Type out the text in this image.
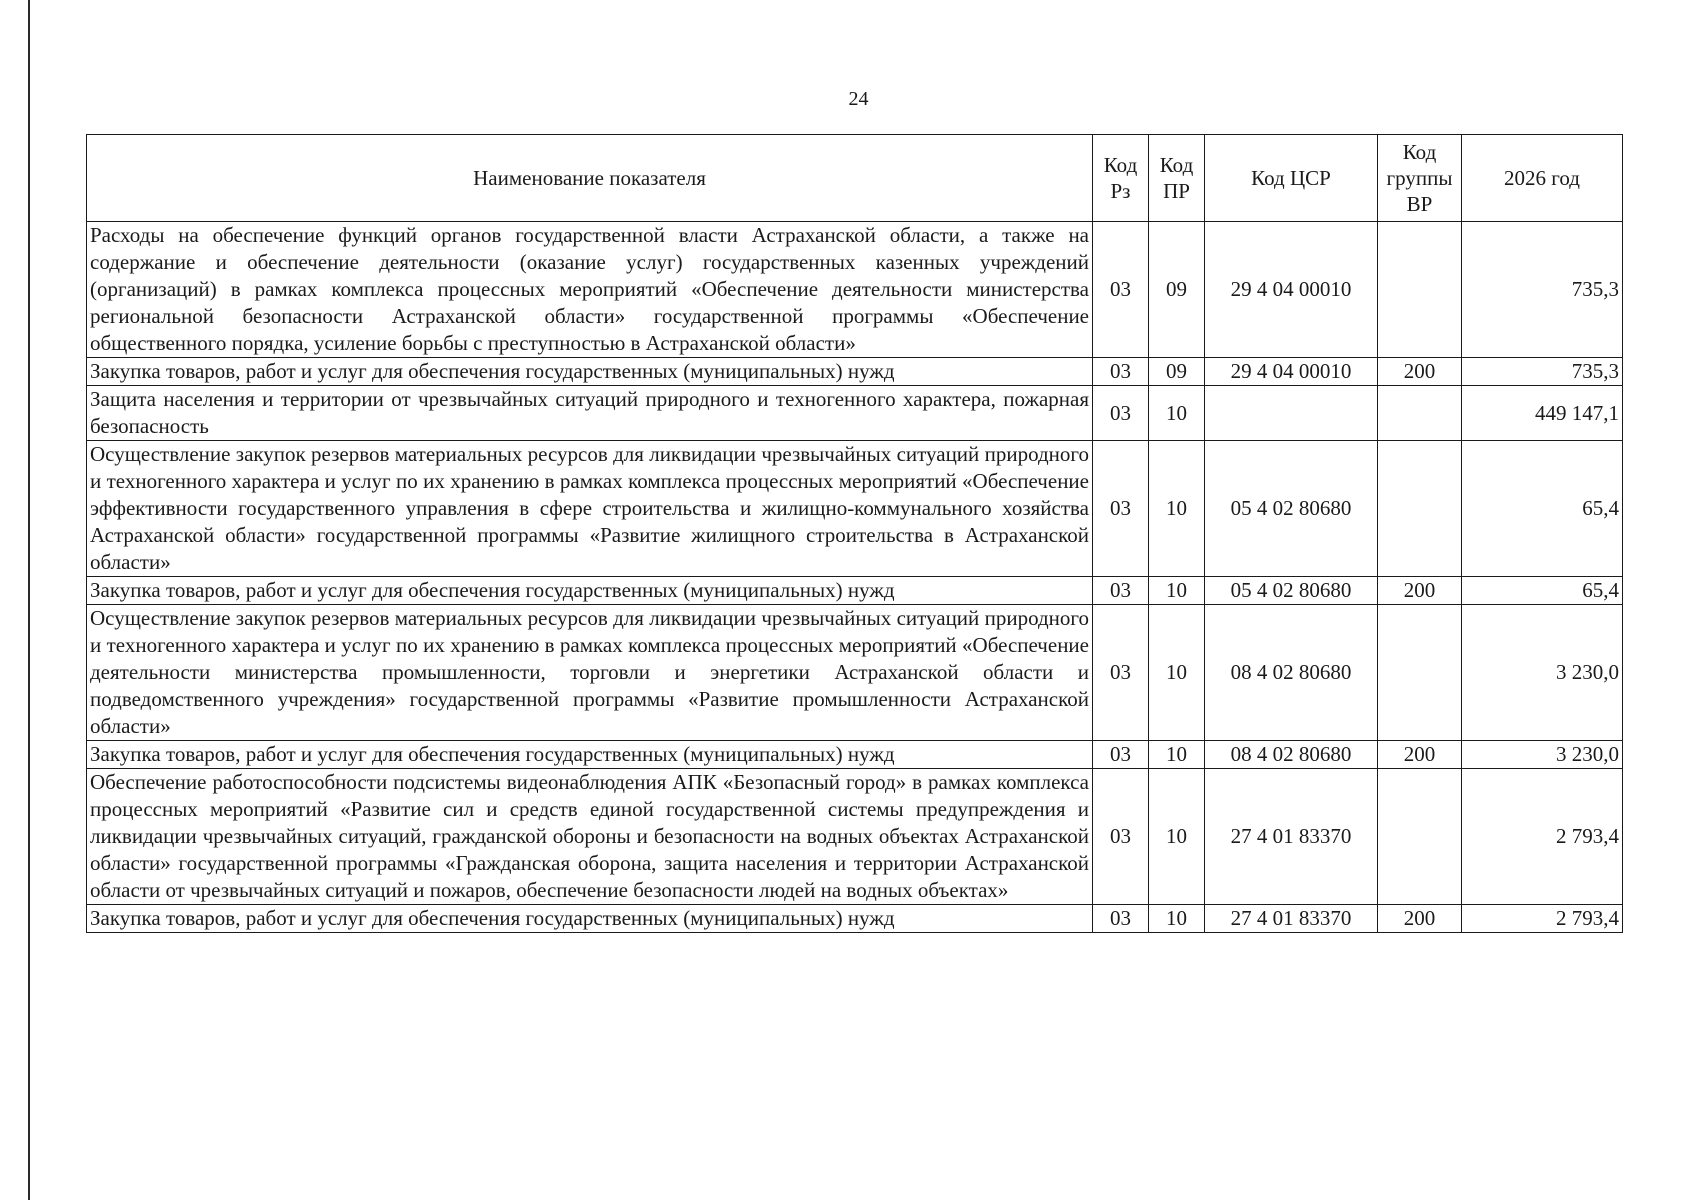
24
Наименование показателя	Код Рз	Код ПР	Код ЦСР	Код группы ВР	2026 год
Расходы на обеспечение функций органов государственной власти Астраханской области, а также на содержание и обеспечение деятельности (оказание услуг) государственных казенных учреждений (организаций) в рамках комплекса процессных мероприятий «Обеспечение деятельности министерства региональной безопасности Астраханской области» государственной программы «Обеспечение общественного порядка, усиление борьбы с преступностью в Астраханской области»	03	09	29 4 04 00010		735,3
Закупка товаров, работ и услуг для обеспечения государственных (муниципальных) нужд	03	09	29 4 04 00010	200	735,3
Защита населения и территории от чрезвычайных ситуаций природного и техногенного характера, пожарная безопасность	03	10			449 147,1
Осуществление закупок резервов материальных ресурсов для ликвидации чрезвычайных ситуаций природного и техногенного характера и услуг по их хранению в рамках комплекса процессных мероприятий «Обеспечение эффективности государственного управления в сфере строительства и жилищно-коммунального хозяйства Астраханской области» государственной программы «Развитие жилищного строительства в Астраханской области»	03	10	05 4 02 80680		65,4
Закупка товаров, работ и услуг для обеспечения государственных (муниципальных) нужд	03	10	05 4 02 80680	200	65,4
Осуществление закупок резервов материальных ресурсов для ликвидации чрезвычайных ситуаций природного и техногенного характера и услуг по их хранению в рамках комплекса процессных мероприятий «Обеспечение деятельности министерства промышленности, торговли и энергетики Астраханской области и подведомственного учреждения» государственной программы «Развитие промышленности Астраханской области»	03	10	08 4 02 80680		3 230,0
Закупка товаров, работ и услуг для обеспечения государственных (муниципальных) нужд	03	10	08 4 02 80680	200	3 230,0
Обеспечение работоспособности подсистемы видеонаблюдения АПК «Безопасный город» в рамках комплекса процессных мероприятий «Развитие сил и средств единой государственной системы предупреждения и ликвидации чрезвычайных ситуаций, гражданской обороны и безопасности на водных объектах Астраханской области» государственной программы «Гражданская оборона, защита населения и территории Астраханской области от чрезвычайных ситуаций и пожаров, обеспечение безопасности людей на водных объектах»	03	10	27 4 01 83370		2 793,4
Закупка товаров, работ и услуг для обеспечения государственных (муниципальных) нужд	03	10	27 4 01 83370	200	2 793,4
